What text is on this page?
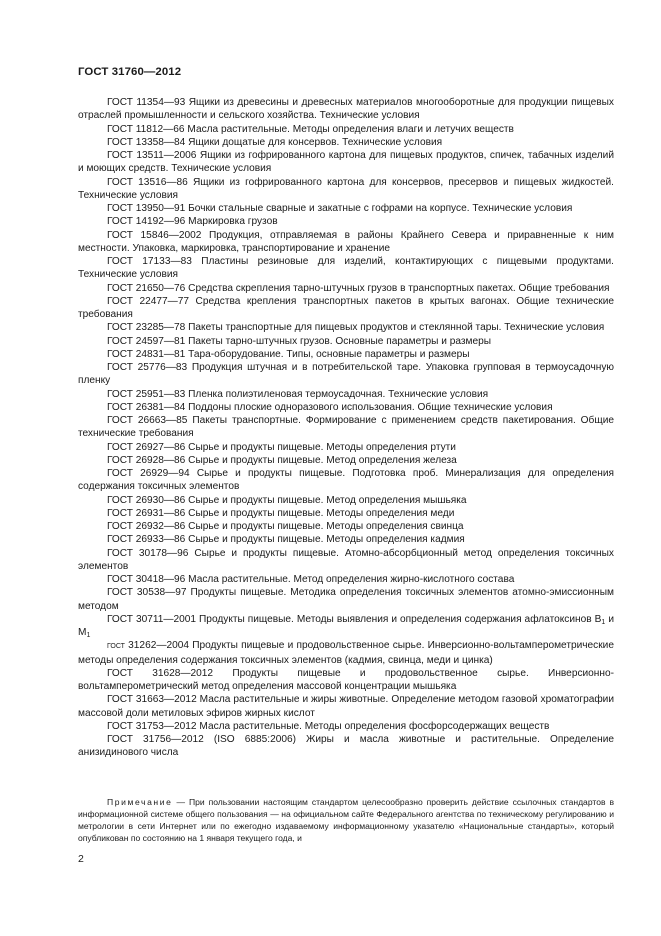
ГОСТ 31760—2012

ГОСТ 11354—93 Ящики из древесины и древесных материалов многооборотные для продукции пищевых отраслей промышленности и сельского хозяйства. Технические условия

ГОСТ 11812—66 Масла растительные. Методы определения влаги и летучих веществ

ГОСТ 13358—84 Ящики дощатые для консервов. Технические условия

ГОСТ 13511—2006 Ящики из гофрированного картона для пищевых продуктов, спичек, табачных изделий и моющих средств. Технические условия

ГОСТ 13516—86 Ящики из гофрированного картона для консервов, пресервов и пищевых жидкостей. Технические условия

ГОСТ 13950—91 Бочки стальные сварные и закатные с гофрами на корпусе. Технические условия

ГОСТ 14192—96 Маркировка грузов

ГОСТ 15846—2002 Продукция, отправляемая в районы Крайнего Севера и приравненные к ним местности. Упаковка, маркировка, транспортирование и хранение

ГОСТ 17133—83 Пластины резиновые для изделий, контактирующих с пищевыми продуктами. Технические условия

ГОСТ 21650—76 Средства скрепления тарно-штучных грузов в транспортных пакетах. Общие требования

ГОСТ 22477—77 Средства крепления транспортных пакетов в крытых вагонах. Общие технические требования

ГОСТ 23285—78 Пакеты транспортные для пищевых продуктов и стеклянной тары. Технические условия

ГОСТ 24597—81 Пакеты тарно-штучных грузов. Основные параметры и размеры

ГОСТ 24831—81 Тара-оборудование. Типы, основные параметры и размеры

ГОСТ 25776—83 Продукция штучная и в потребительской таре. Упаковка групповая в термоусадочную пленку

ГОСТ 25951—83 Пленка полиэтиленовая термоусадочная. Технические условия

ГОСТ 26381—84 Поддоны плоские одноразового использования. Общие технические условия

ГОСТ 26663—85 Пакеты транспортные. Формирование с применением средств пакетирования. Общие технические требования

ГОСТ 26927—86 Сырье и продукты пищевые. Методы определения ртути

ГОСТ 26928—86 Сырье и продукты пищевые. Метод определения железа

ГОСТ 26929—94 Сырье и продукты пищевые. Подготовка проб. Минерализация для определения содержания токсичных элементов

ГОСТ 26930—86 Сырье и продукты пищевые. Метод определения мышьяка

ГОСТ 26931—86 Сырье и продукты пищевые. Методы определения меди

ГОСТ 26932—86 Сырье и продукты пищевые. Методы определения свинца

ГОСТ 26933—86 Сырье и продукты пищевые. Методы определения кадмия

ГОСТ 30178—96 Сырье и продукты пищевые. Атомно-абсорбционный метод определения токсичных элементов

ГОСТ 30418—96 Масла растительные. Метод определения жирно-кислотного состава

ГОСТ 30538—97 Продукты пищевые. Методика определения токсичных элементов атомно-эмиссионным методом

ГОСТ 30711—2001 Продукты пищевые. Методы выявления и определения содержания афлатоксинов $B_1$ и $M_1$

ГОСТ 31262—2004 Продукты пищевые и продовольственное сырье. Инверсионно-вольтамперометрические методы определения содержания токсичных элементов (кадмия, свинца, меди и цинка)

ГОСТ 31628—2012 Продукты пищевые и продовольственное сырье. Инверсионно-вольтамперометрический метод определения массовой концентрации мышьяка

ГОСТ 31663—2012 Масла растительные и жиры животные. Определение методом газовой хроматографии массовой доли метиловых эфиров жирных кислот

ГОСТ 31753—2012 Масла растительные. Методы определения фосфорсодержащих веществ

ГОСТ 31756—2012 (ISO 6885:2006) Жиры и масла животные и растительные. Определение анизидинового числа

Примечание — При пользовании настоящим стандартом целесообразно проверить действие ссылочных стандартов в информационной системе общего пользования — на официальном сайте Федерального агентства по техническому регулированию и метрологии в сети Интернет или по ежегодно издаваемому информационному указателю «Национальные стандарты», который опубликован по состоянию на 1 января текущего года, и

2
